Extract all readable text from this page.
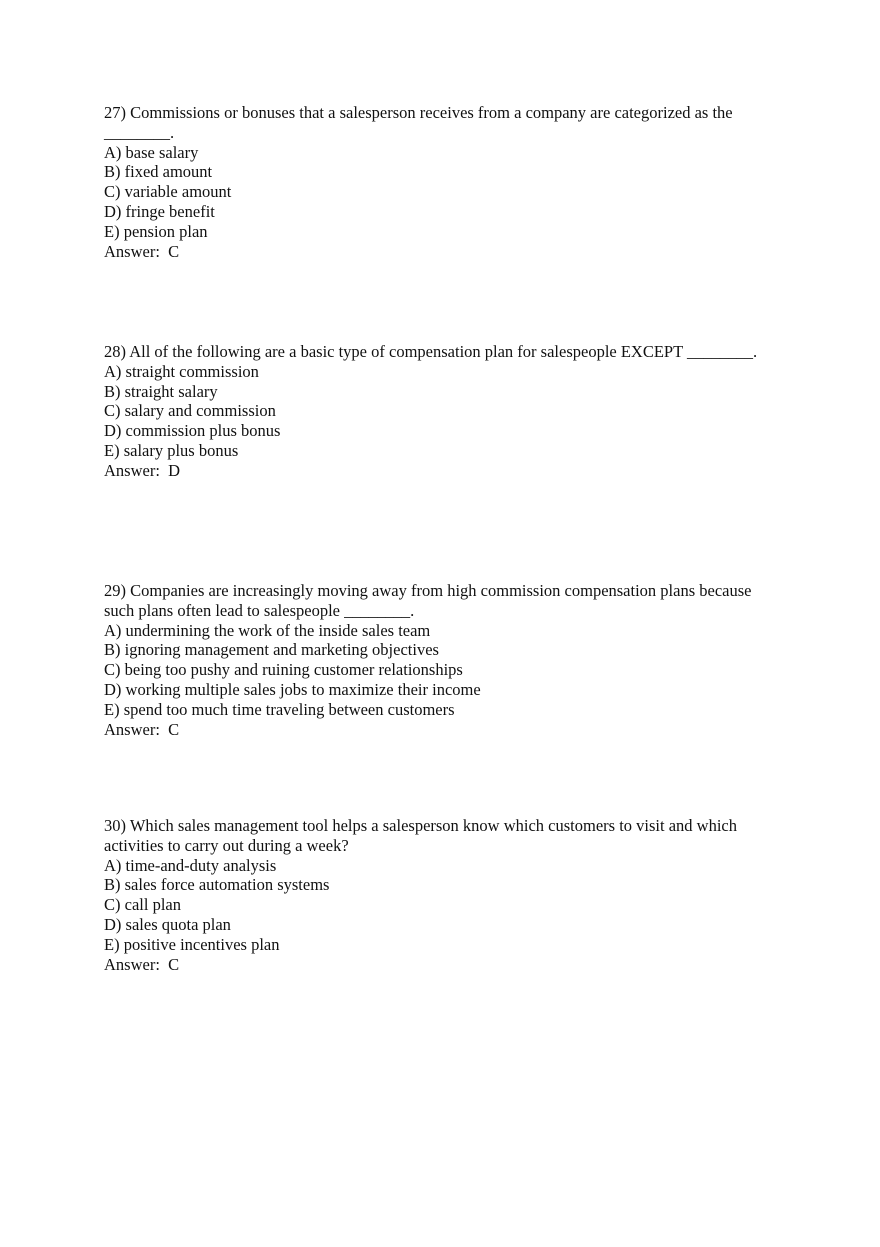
27) Commissions or bonuses that a salesperson receives from a company are categorized as the ________.
A) base salary
B) fixed amount
C) variable amount
D) fringe benefit
E) pension plan
Answer:  C
28) All of the following are a basic type of compensation plan for salespeople EXCEPT ________.
A) straight commission
B) straight salary
C) salary and commission
D) commission plus bonus
E) salary plus bonus
Answer:  D
29) Companies are increasingly moving away from high commission compensation plans because such plans often lead to salespeople ________.
A) undermining the work of the inside sales team
B) ignoring management and marketing objectives
C) being too pushy and ruining customer relationships
D) working multiple sales jobs to maximize their income
E) spend too much time traveling between customers
Answer:  C
30) Which sales management tool helps a salesperson know which customers to visit and which activities to carry out during a week?
A) time-and-duty analysis
B) sales force automation systems
C) call plan
D) sales quota plan
E) positive incentives plan
Answer:  C
